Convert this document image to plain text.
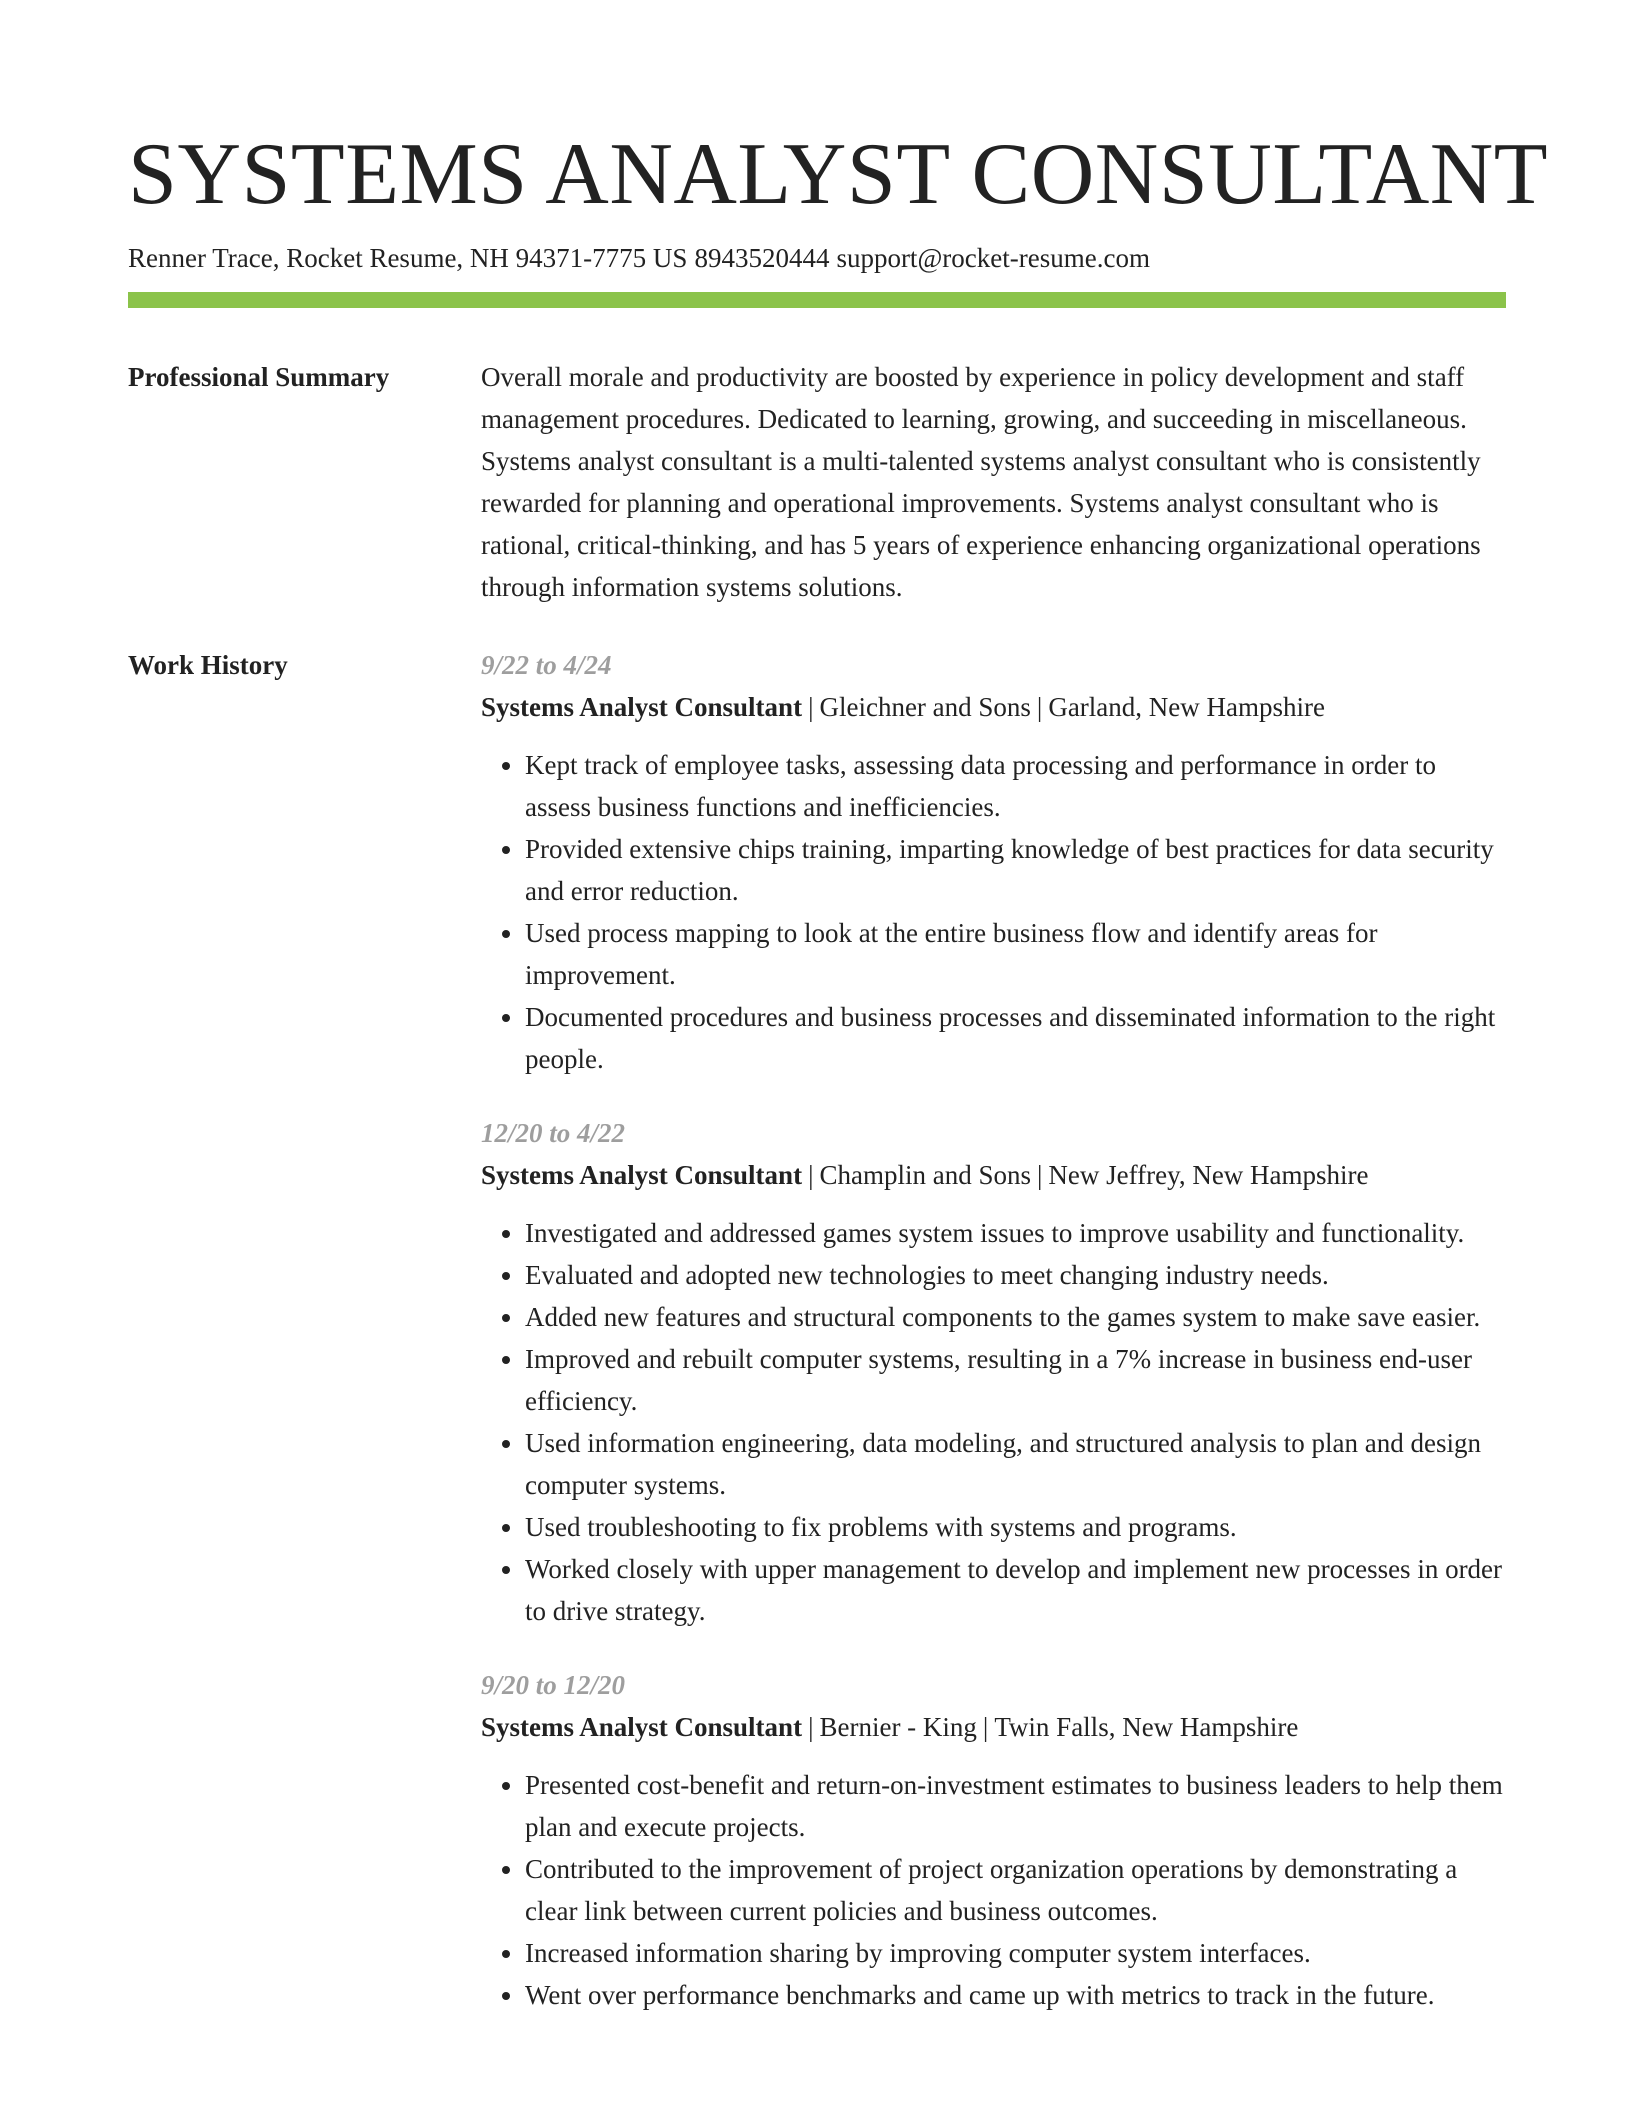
SYSTEMS ANALYST CONSULTANT
Renner Trace, Rocket Resume, NH 94371-7775 US 8943520444 support@rocket-resume.com
Professional Summary	Overall morale and productivity are boosted by experience in policy development and staff management procedures. Dedicated to learning, growing, and succeeding in miscellaneous. Systems analyst consultant is a multi-talented systems analyst consultant who is consistently rewarded for planning and operational improvements. Systems analyst consultant who is rational, critical-thinking, and has 5 years of experience enhancing organizational operations through information systems solutions.

Work History	9/22 to 4/24
Systems Analyst Consultant | Gleichner and Sons | Garland, New Hampshire
• Kept track of employee tasks, assessing data processing and performance in order to assess business functions and inefficiencies.
• Provided extensive chips training, imparting knowledge of best practices for data security and error reduction.
• Used process mapping to look at the entire business flow and identify areas for improvement.
• Documented procedures and business processes and disseminated information to the right people.
12/20 to 4/22
Systems Analyst Consultant | Champlin and Sons | New Jeffrey, New Hampshire
• Investigated and addressed games system issues to improve usability and functionality.
• Evaluated and adopted new technologies to meet changing industry needs.
• Added new features and structural components to the games system to make save easier.
• Improved and rebuilt computer systems, resulting in a 7% increase in business end-user efficiency.
• Used information engineering, data modeling, and structured analysis to plan and design computer systems.
• Used troubleshooting to fix problems with systems and programs.
• Worked closely with upper management to develop and implement new processes in order to drive strategy.
9/20 to 12/20
Systems Analyst Consultant | Bernier - King | Twin Falls, New Hampshire
• Presented cost-benefit and return-on-investment estimates to business leaders to help them plan and execute projects.
• Contributed to the improvement of project organization operations by demonstrating a clear link between current policies and business outcomes.
• Increased information sharing by improving computer system interfaces.
• Went over performance benchmarks and came up with metrics to track in the future.
